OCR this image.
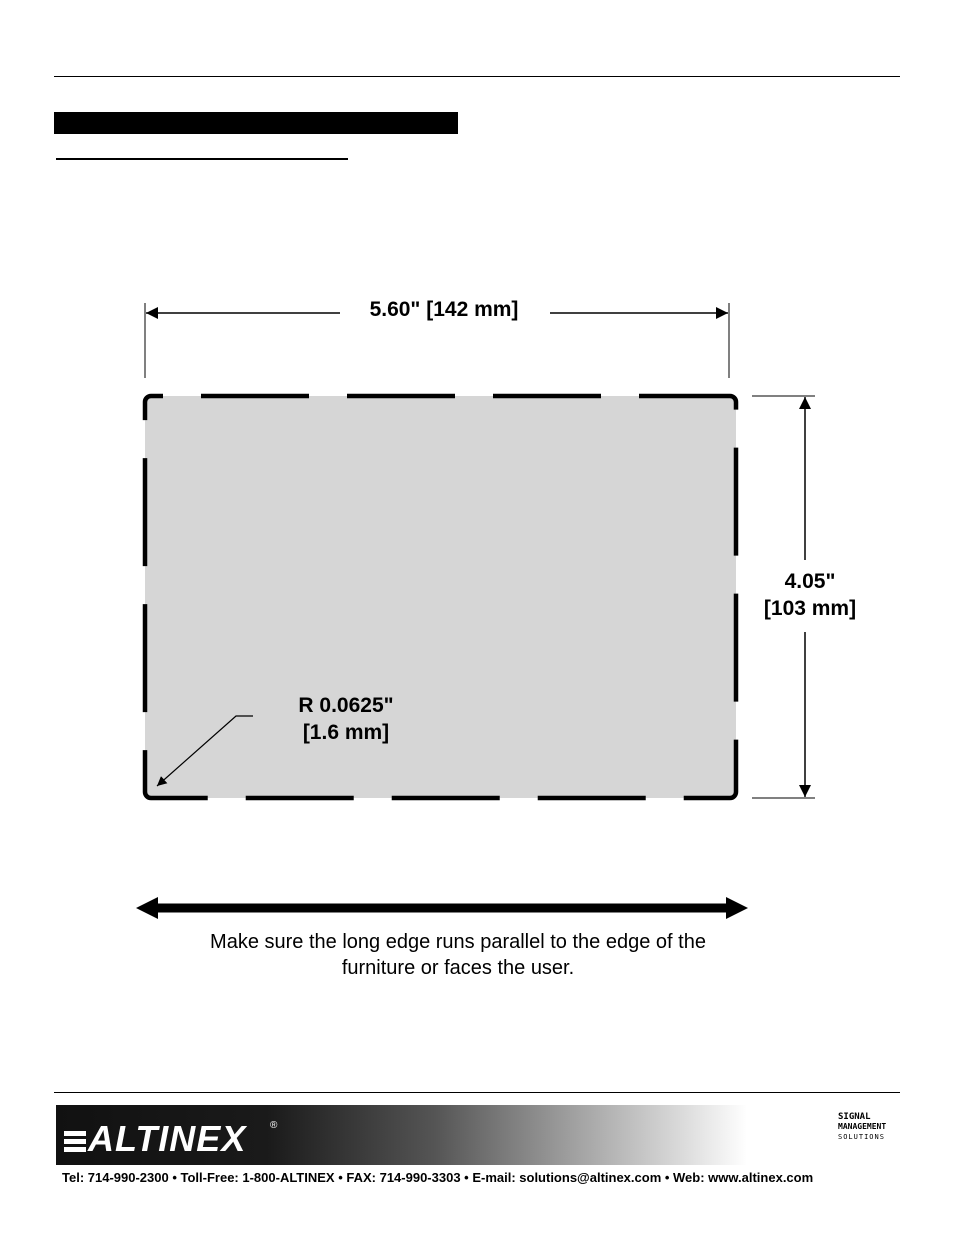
5.60" [142 mm]
4.05"
[103 mm]
R 0.0625"
[1.6 mm]
Make sure the long edge runs parallel to the edge of the
furniture or faces the user.
ALTINEX ®
SIGNAL
MANAGEMENT
SOLUTIONS
Tel: 714-990-2300 • Toll-Free: 1-800-ALTINEX • FAX: 714-990-3303 • E-mail: solutions@altinex.com • Web: www.altinex.com
